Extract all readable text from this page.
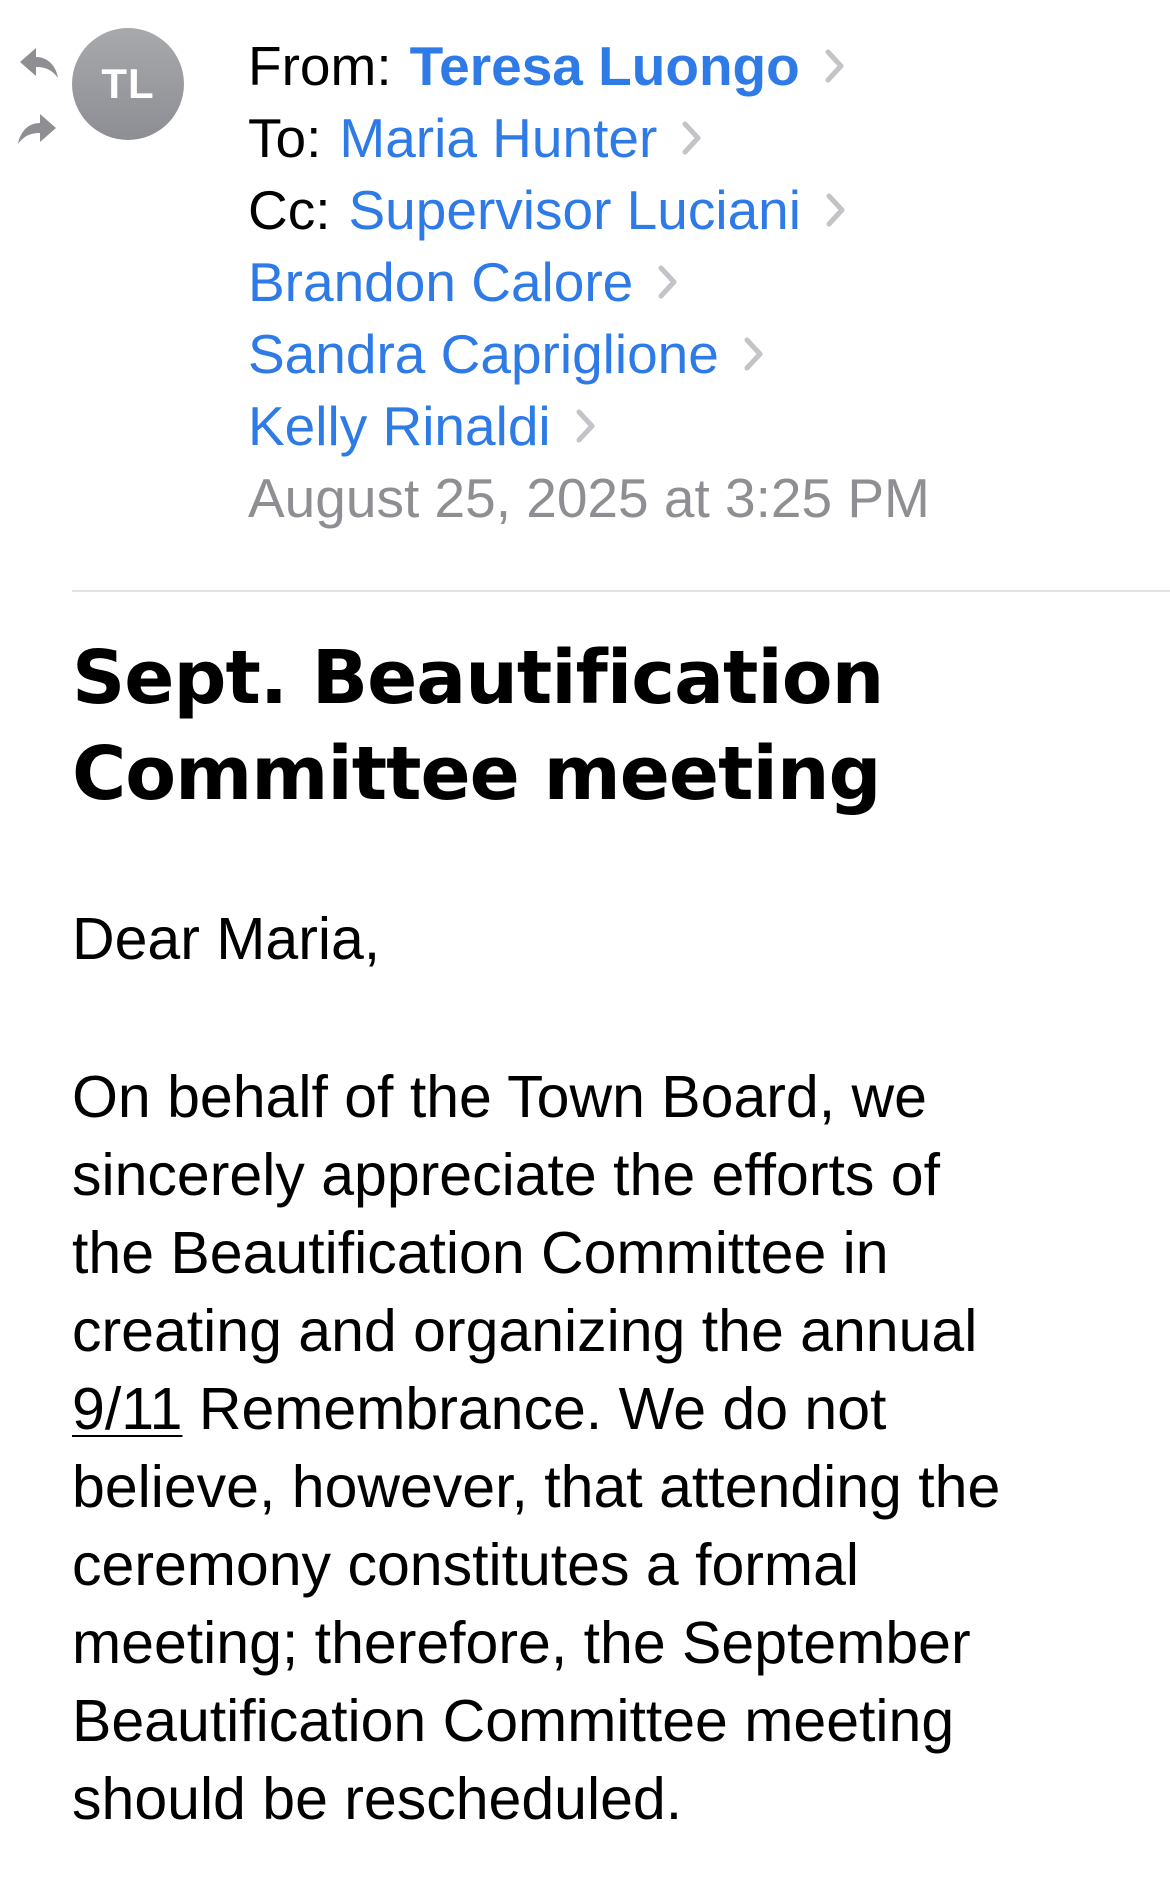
TL From: Teresa Luongo
To: Maria Hunter
Cc: Supervisor Luciani
Brandon Calore
Sandra Capriglione
Kelly Rinaldi
August 25, 2025 at 3:25 PM
Sept. Beautification
Committee meeting

Dear Maria,

On behalf of the Town Board, we
sincerely appreciate the efforts of
the Beautification Committee in
creating and organizing the annual
9/11 Remembrance. We do not
believe, however, that attending the
ceremony constitutes a formal
meeting; therefore, the September
Beautification Committee meeting
should be rescheduled.
